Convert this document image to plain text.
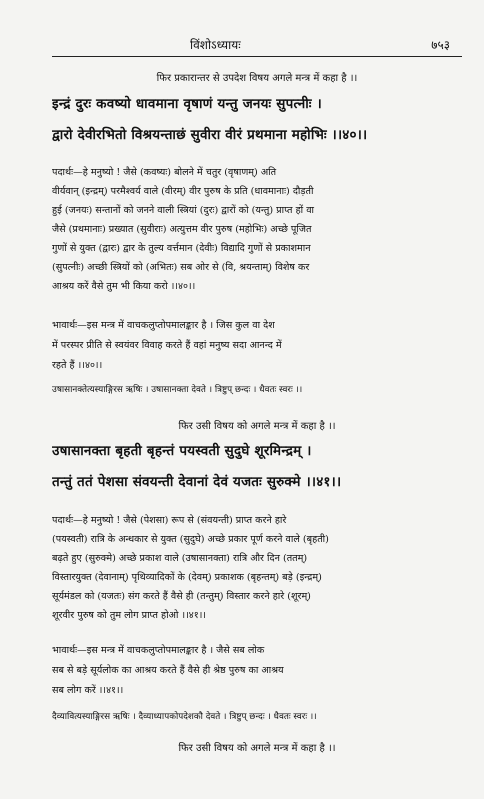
विंशोऽध्यायः	७५३
फिर प्रकारान्तर से उपदेश विषय अगले मन्त्र में कहा है ।।
इन्द्रं दुरः कवष्यो धावमाना वृषाणं यन्तु जनयः सुपत्नीः ।
द्वारो देवीरभितो विश्रयन्ताछं सुवीरा वीरं प्रथमाना महोभिः ।।४०।।
पदार्थः—हे मनुष्यो ! जैसे (कवष्यः) बोलने में चतुर (वृषाणम्) अति
वीर्यवान् (इन्द्रम्) परमैश्वर्य वाले (वीरम्) वीर पुरुष के प्रति (धावमानाः) दौड़ती
हुई (जनयः) सन्तानों को जनने वाली स्त्रियां (दुरः) द्वारों को (यन्तु) प्राप्त हों वा
जैसे (प्रथमानाः) प्रख्यात (सुवीराः) अत्युत्तम वीर पुरुष (महोभिः) अच्छे पूजित
गुणों से युक्त (द्वारः) द्वार के तुल्य वर्त्तमान (देवीः) विद्यादि गुणों से प्रकाशमान
(सुपत्नीः) अच्छी स्त्रियों को (अभितः) सब ओर से (वि, श्रयन्ताम्) विशेष कर
आश्रय करें वैसे तुम भी किया करो ।।४०।।
भावार्थः—इस मन्त्र में वाचकलुप्तोपमालङ्कार है । जिस कुल वा देश
में परस्पर प्रीति से स्वयंवर विवाह करते हैं वहां मनुष्य सदा आनन्द में
रहते हैं ।।४०।।
उषासानक्तेत्यस्याङ्गिरस ऋषिः । उषासानक्ता देवते । त्रिष्टुप् छन्दः । धैवतः स्वरः ।।
फिर उसी विषय को अगले मन्त्र में कहा है ।।
उषासानक्ता बृहती बृहन्तं पयस्वती सुदुघे शूरमिन्द्रम् ।
तन्तुं ततं पेशसा संवयन्ती देवानां देवं यजतः सुरुक्मे ।।४१।।
पदार्थः—हे मनुष्यो ! जैसे (पेशसा) रूप से (संवयन्ती) प्राप्त करने हारे
(पयस्वती) रात्रि के अन्धकार से युक्त (सुदुघे) अच्छे प्रकार पूर्ण करने वाले (बृहती)
बढ़ते हुए (सुरुक्मे) अच्छे प्रकाश वाले (उषासानक्ता) रात्रि और दिन (ततम्)
विस्तारयुक्त (देवानाम्) पृथिव्यादिकों के (देवम्) प्रकाशक (बृहन्तम्) बड़े (इन्द्रम्)
सूर्यमंडल को (यजतः) संग करते हैं वैसे ही (तन्तुम्) विस्तार करने हारे (शूरम्)
शूरवीर पुरुष को तुम लोग प्राप्त होओ ।।४१।।
भावार्थः—इस मन्त्र में वाचकलुप्तोपमालङ्कार है । जैसे सब लोक
सब से बड़े सूर्यलोक का आश्रय करते हैं वैसे ही श्रेष्ठ पुरुष का आश्रय
सब लोग करें ।।४१।।
दैव्यावित्यस्याङ्गिरस ऋषिः । दैव्याध्यापकोपदेशकौ देवते । त्रिष्टुप् छन्दः । धैवतः स्वरः ।।
फिर उसी विषय को अगले मन्त्र में कहा है ।।
